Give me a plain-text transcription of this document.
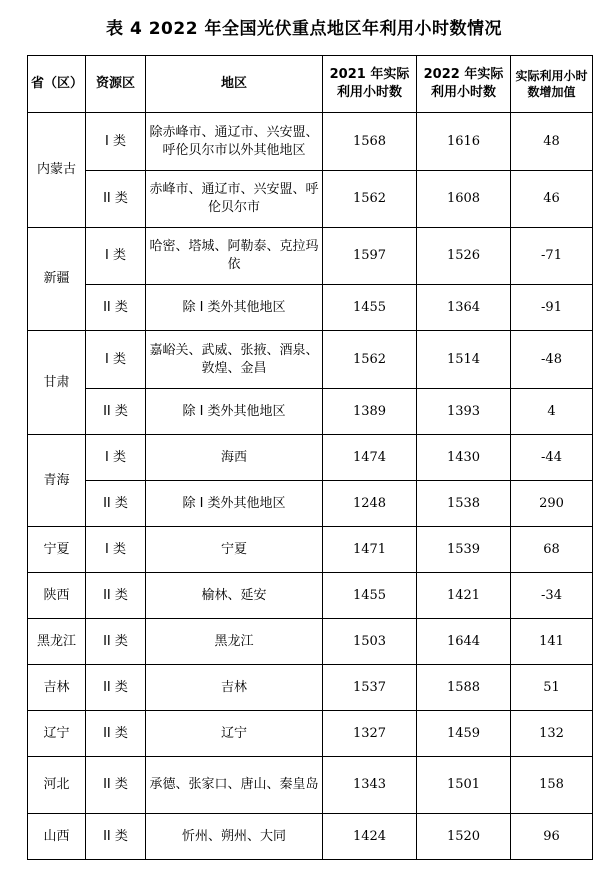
表 4 2022 年全国光伏重点地区年利用小时数情况
省（区）	资源区	地区	2021 年实际利用小时数	2022 年实际利用小时数	实际利用小时数增加值
内蒙古	I 类	除赤峰市、通辽市、兴安盟、呼伦贝尔市以外其他地区	1568	1616	48
	II 类	赤峰市、通辽市、兴安盟、呼伦贝尔市	1562	1608	46
新疆	I 类	哈密、塔城、阿勒泰、克拉玛依	1597	1526	-71
	II 类	除 I 类外其他地区	1455	1364	-91
甘肃	I 类	嘉峪关、武威、张掖、酒泉、敦煌、金昌	1562	1514	-48
	II 类	除 I 类外其他地区	1389	1393	4
青海	I 类	海西	1474	1430	-44
	II 类	除 I 类外其他地区	1248	1538	290
宁夏	I 类	宁夏	1471	1539	68
陕西	II 类	榆林、延安	1455	1421	-34
黑龙江	II 类	黑龙江	1503	1644	141
吉林	II 类	吉林	1537	1588	51
辽宁	II 类	辽宁	1327	1459	132
河北	II 类	承德、张家口、唐山、秦皇岛	1343	1501	158
山西	II 类	忻州、朔州、大同	1424	1520	96
